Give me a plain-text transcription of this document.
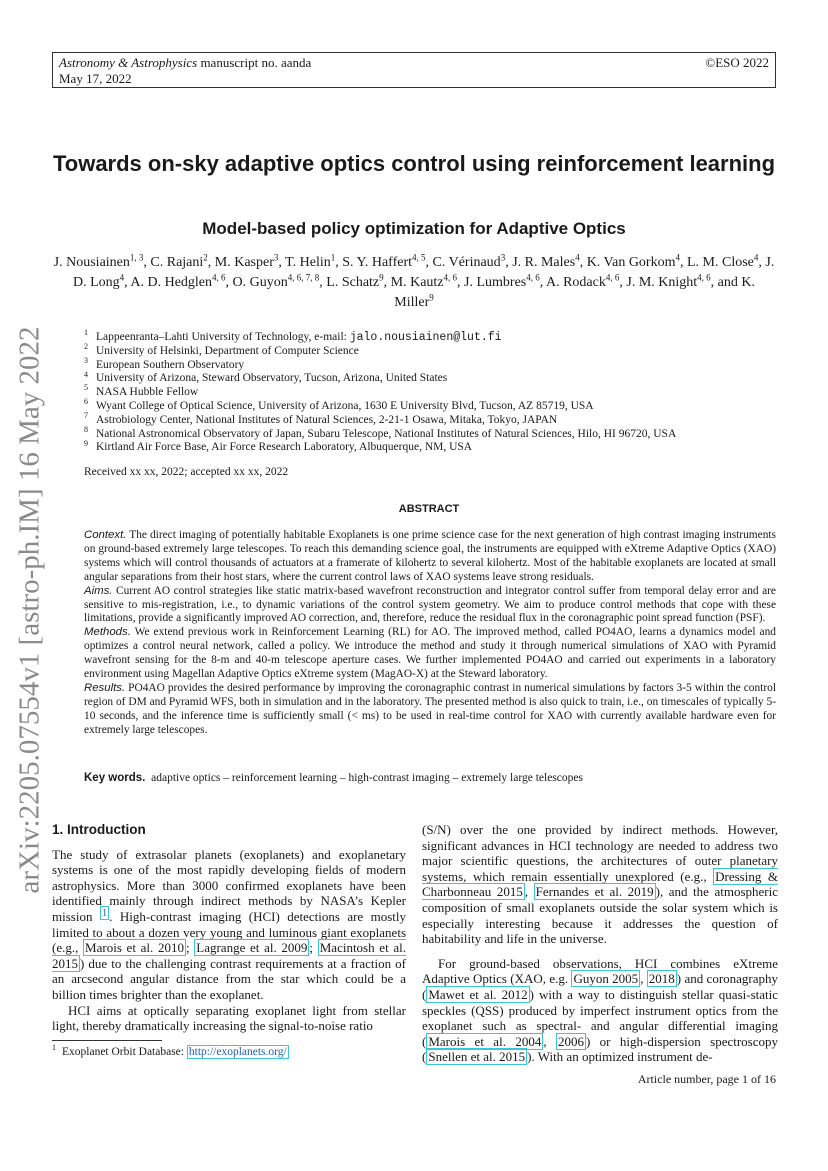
Astronomy & Astrophysics manuscript no. aanda
May 17, 2022
©ESO 2022
arXiv:2205.07554v1 [astro-ph.IM] 16 May 2022
Towards on-sky adaptive optics control using reinforcement learning
Model-based policy optimization for Adaptive Optics
J. Nousiainen$^{1, 3}$, C. Rajani$^2$, M. Kasper$^3$, T. Helin$^1$, S. Y. Haffert$^{4, 5}$, C. Vérinaud$^3$, J. R. Males$^4$, K. Van Gorkom$^4$, L. M. Close$^4$, J. D. Long$^4$, A. D. Hedglen$^{4, 6}$, O. Guyon$^{4, 6, 7, 8}$, L. Schatz$^9$, M. Kautz$^{4, 6}$, J. Lumbres$^{4, 6}$, A. Rodack$^{4, 6}$, J. M. Knight$^{4, 6}$, and K. Miller$^9$
$^1$ Lappeenranta–Lahti University of Technology, e-mail: jalo.nousiainen@lut.fi
$^2$ University of Helsinki, Department of Computer Science
$^3$ European Southern Observatory
$^4$ University of Arizona, Steward Observatory, Tucson, Arizona, United States
$^5$ NASA Hubble Fellow
$^6$ Wyant College of Optical Science, University of Arizona, 1630 E University Blvd, Tucson, AZ 85719, USA
$^7$ Astrobiology Center, National Institutes of Natural Sciences, 2-21-1 Osawa, Mitaka, Tokyo, JAPAN
$^8$ National Astronomical Observatory of Japan, Subaru Telescope, National Institutes of Natural Sciences, Hilo, HI 96720, USA
$^9$ Kirtland Air Force Base, Air Force Research Laboratory, Albuquerque, NM, USA
Received xx xx, 2022; accepted xx xx, 2022
ABSTRACT

Context. The direct imaging of potentially habitable Exoplanets is one prime science case for the next generation of high contrast imaging instruments on ground-based extremely large telescopes. To reach this demanding science goal, the instruments are equipped with eXtreme Adaptive Optics (XAO) systems which will control thousands of actuators at a framerate of kilohertz to several kilohertz. Most of the habitable exoplanets are located at small angular separations from their host stars, where the current control laws of XAO systems leave strong residuals.

Aims. Current AO control strategies like static matrix-based wavefront reconstruction and integrator control suffer from temporal delay error and are sensitive to mis-registration, i.e., to dynamic variations of the control system geometry. We aim to produce control methods that cope with these limitations, provide a significantly improved AO correction, and, therefore, reduce the residual flux in the coronagraphic point spread function (PSF).

Methods. We extend previous work in Reinforcement Learning (RL) for AO. The improved method, called PO4AO, learns a dynamics model and optimizes a control neural network, called a policy. We introduce the method and study it through numerical simulations of XAO with Pyramid wavefront sensing for the 8-m and 40-m telescope aperture cases. We further implemented PO4AO and carried out experiments in a laboratory environment using Magellan Adaptive Optics eXtreme system (MagAO-X) at the Steward laboratory.

Results. PO4AO provides the desired performance by improving the coronagraphic contrast in numerical simulations by factors 3-5 within the control region of DM and Pyramid WFS, both in simulation and in the laboratory. The presented method is also quick to train, i.e., on timescales of typically 5-10 seconds, and the inference time is sufficiently small (< ms) to be used in real-time control for XAO with currently available hardware even for extremely large telescopes.

Key words. adaptive optics – reinforcement learning – high-contrast imaging – extremely large telescopes

1. Introduction

The study of extrasolar planets (exoplanets) and exoplanetary systems is one of the most rapidly developing fields of modern astrophysics. More than 3000 confirmed exoplanets have been identified mainly through indirect methods by NASA’s Kepler mission $^1$ . High-contrast imaging (HCI) detections are mostly limited to about a dozen very young and luminous giant exoplanets (e.g., Marois et al. 2010 ; Lagrange et al. 2009 ; Macintosh et al. 2015 ) due to the challenging contrast requirements at a fraction of an arcsecond angular distance from the star which could be a billion times brighter than the exoplanet.

HCI aims at optically separating exoplanet light from stellar light, thereby dramatically increasing the signal-to-noise ratio

(S/N) over the one provided by indirect methods. However, significant advances in HCI technology are needed to address two major scientific questions, the architectures of outer planetary systems, which remain essentially unexplored (e.g., Dressing & Charbonneau 2015 , Fernandes et al. 2019 ), and the atmospheric composition of small exoplanets outside the solar system which is especially interesting because it addresses the question of habitability and life in the universe.

For ground-based observations, HCI combines eXtreme Adaptive Optics (XAO, e.g. Guyon 2005 , 2018 ) and coronagraphy ( Mawet et al. 2012 ) with a way to distinguish stellar quasi-static speckles (QSS) produced by imperfect instrument optics from the exoplanet such as spectral- and angular differential imaging ( Marois et al. 2004 , 2006 ) or high-dispersion spectroscopy ( Snellen et al. 2015 ). With an optimized instrument de-

$^1$ Exoplanet Orbit Database: http://exoplanets.org/
Article number, page 1 of 16
